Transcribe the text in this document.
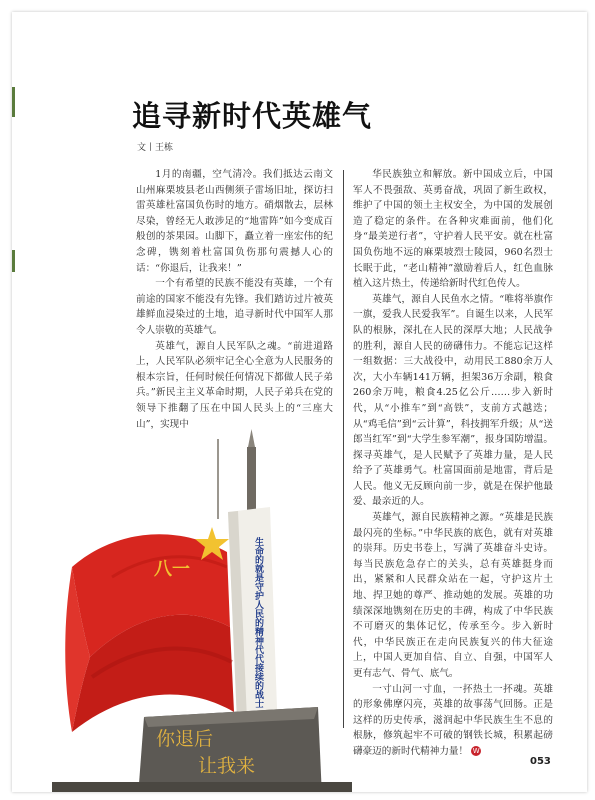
追寻新时代英雄气
文丨王栋

1月的南疆，空气清冷。我们抵达云南文山州麻栗坡县老山西侧须子雷场旧址，探访扫雷英雄杜富国负伤时的地方。硝烟散去，层林尽染，曾经无人敢涉足的“地雷阵”如今变成百般创的茶果园。山脚下，矗立着一座宏伟的纪念碑，镌刻着杜富国负伤那句震撼人心的话：“你退后，让我来！”

一个有希望的民族不能没有英雄，一个有前途的国家不能没有先锋。我们踏访过片被英雄鲜血浸染过的土地，追寻新时代中国军人那令人崇敬的英雄气。

英雄气，源自人民军队之魂。“前进道路上，人民军队必须牢记全心全意为人民服务的根本宗旨，任何时候任何情况下都做人民子弟兵。”新民主主义革命时期，人民子弟兵在党的领导下推翻了压在中国人民头上的“三座大山”，实现中

华民族独立和解放。新中国成立后，中国军人不畏强敌、英勇奋战，巩固了新生政权，维护了中国的领土主权安全，为中国的发展创造了稳定的条件。在各种灾难面前，他们化身“最美逆行者”，守护着人民平安。就在杜富国负伤地不远的麻栗坡烈士陵园，960名烈士长眠于此，“老山精神”激励着后人，红色血脉植入这片热土，传递给新时代红色传人。

英雄气，源自人民鱼水之情。“唯将举旗作一旗，爱我人民爱我军”。自诞生以来，人民军队的根脉，深扎在人民的深厚大地；人民战争的胜利，源自人民的磅礴伟力。不能忘记这样一组数据：三大战役中，动用民工880余万人次，大小车辆141万辆，担架36万余副，粮食260余万吨，粮食4.25亿公斤……步入新时代，从“小推车”到“高铁”，支前方式越迭；从“鸡毛信”到“云计算”，科技拥军升级；从“送郎当红军”到“大学生参军潮”，报身国防增温。探寻英雄气，是人民赋予了英雄力量，是人民给予了英雄勇气。杜富国面前是地雷，背后是人民。他义无反顾向前一步，就是在保护他最爱、最亲近的人。

英雄气，源自民族精神之源。“英雄是民族最闪亮的坐标。”中华民族的底色，就有对英雄的崇拜。历史书卷上，写满了英雄奋斗史诗。每当民族危急存亡的关头，总有英雄挺身而出，紧紧和人民群众站在一起，守护这片土地、捍卫她的尊严、推动她的发展。英雄的功绩深深地镌刻在历史的丰碑，构成了中华民族不可磨灭的集体记忆，传承至今。步入新时代，中华民族正在走向民族复兴的伟大征途上，中国人更加自信、自立、自强，中国军人更有志气、骨气、底气。

一寸山河一寸血，一抔热土一抔魂。英雄的形象佛摩闪亮，英雄的故事荡气回肠。正是这样的历史传承，滋润起中华民族生生不息的根脉，修筑起牢不可破的钢铁长城，积累起磅礴豪迈的新时代精神力量！ W

八一	生命的就是守护人民的精神代代接续的战士
你退后
让我来	053
